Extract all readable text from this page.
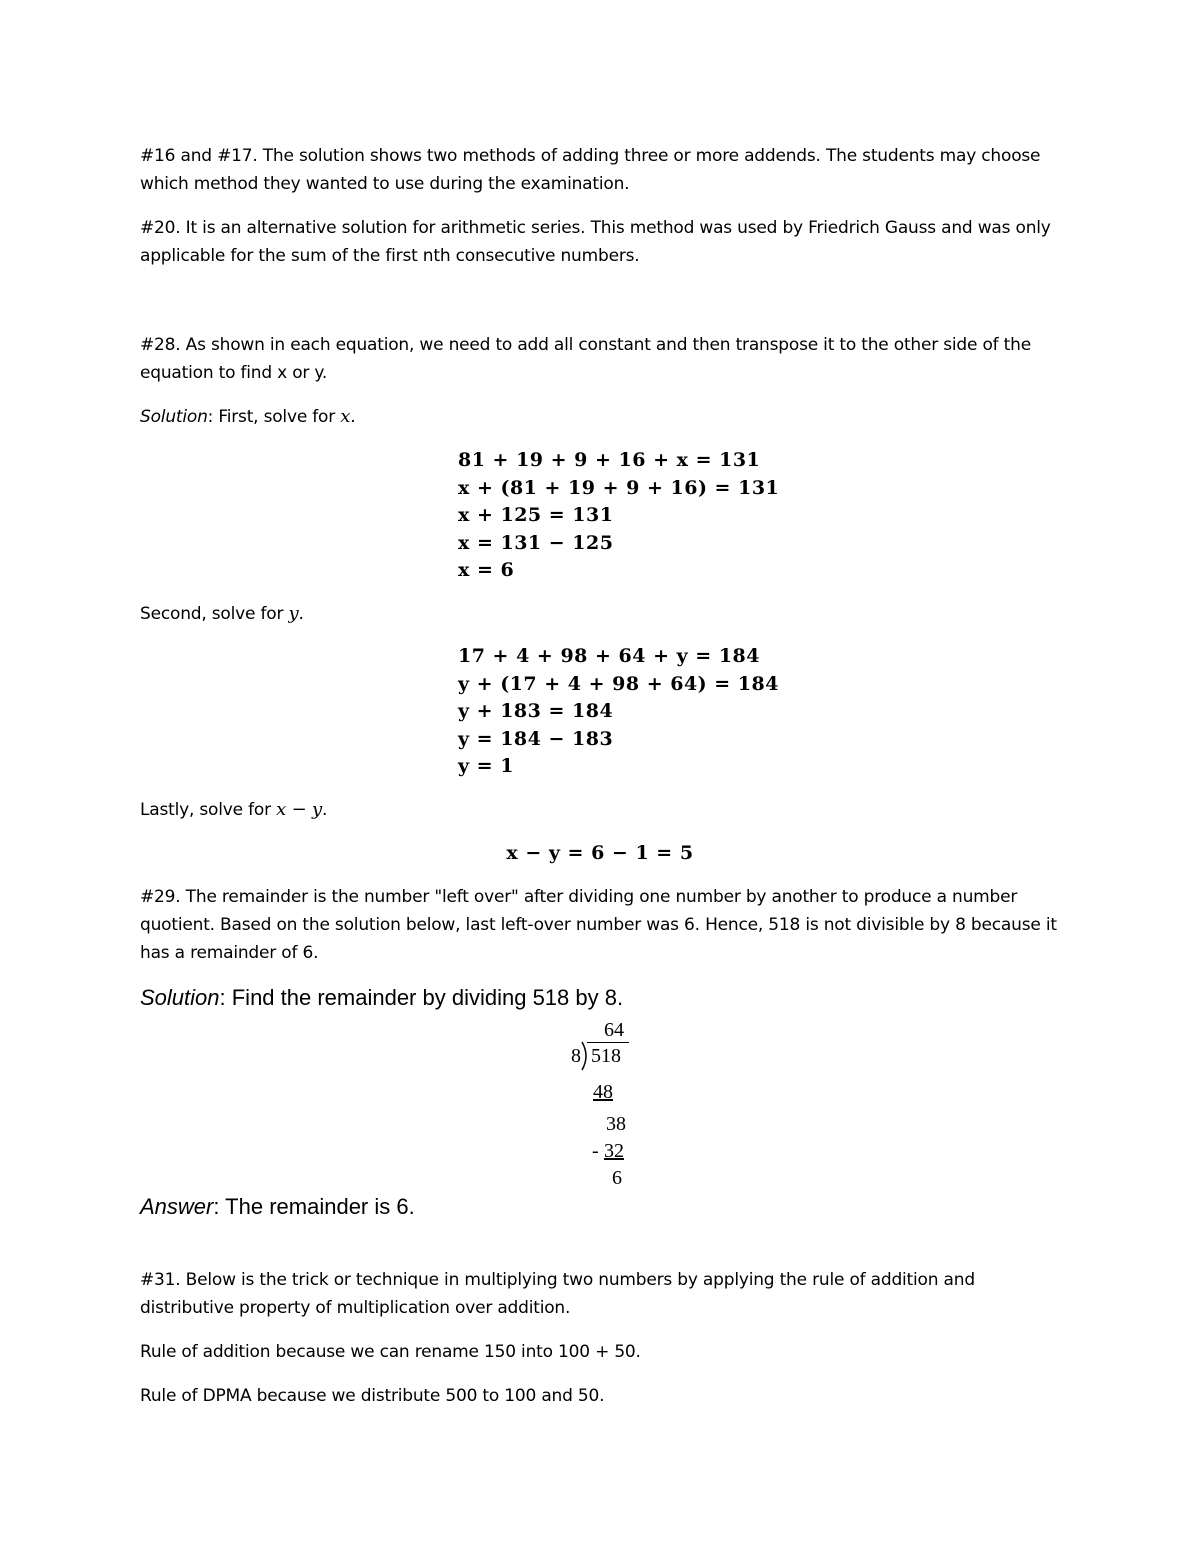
#16 and #17. The solution shows two methods of adding three or more addends. The students may choose which method they wanted to use during the examination.

#20. It is an alternative solution for arithmetic series. This method was used by Friedrich Gauss and was only applicable for the sum of the first nth consecutive numbers.

#28. As shown in each equation, we need to add all constant and then transpose it to the other side of the equation to find x or y.

Solution: First, solve for x.

81 + 19 + 9 + 16 + x = 131
x + (81 + 19 + 9 + 16) = 131
x + 125 = 131
x = 131 − 125
x = 6

Second, solve for y.

17 + 4 + 98 + 64 + y = 184
y + (17 + 4 + 98 + 64) = 184
y + 183 = 184
y = 184 − 183
y = 1

Lastly, solve for x − y.

x − y = 6 − 1 = 5

#29. The remainder is the number "left over" after dividing one number by another to produce a number quotient. Based on the solution below, last left-over number was 6. Hence, 518 is not divisible by 8 because it has a remainder of 6.

Solution: Find the remainder by dividing 518 by 8.
64
8 518
48
38
- 32
6
Answer: The remainder is 6.

#31. Below is the trick or technique in multiplying two numbers by applying the rule of addition and distributive property of multiplication over addition.

Rule of addition because we can rename 150 into 100 + 50.

Rule of DPMA because we distribute 500 to 100 and 50.
